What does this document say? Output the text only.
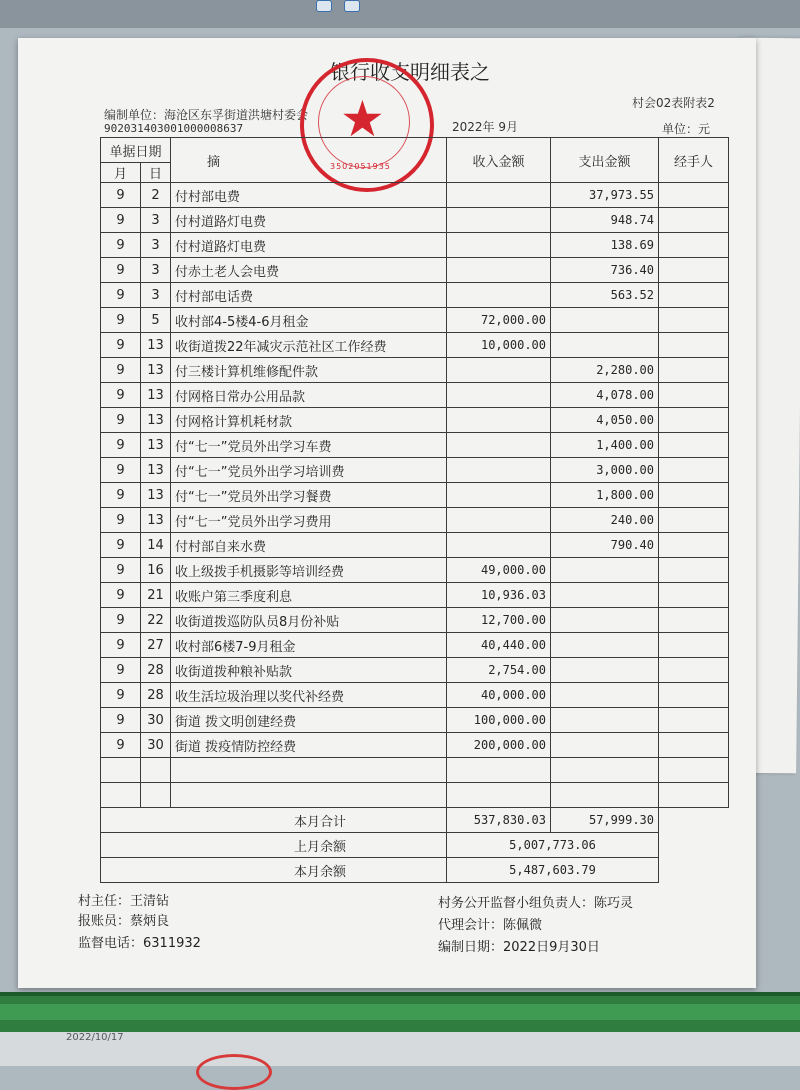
银行收支明细表之
村会02表附表2
编制单位：海沧区东孚街道洪塘村委会
902031403001000008637	2022年 9月	单位：元
★
3502051935
单据日期		摘	收入金额	支出金额	经手人
月	日				
9	2	付村部电费		37,973.55	
9	3	付村道路灯电费		948.74	
9	3	付村道路灯电费		138.69	
9	3	付赤土老人会电费		736.40	
9	3	付村部电话费		563.52	
9	5	收村部4-5楼4-6月租金	72,000.00		
9	13	收街道拨22年减灾示范社区工作经费	10,000.00		
9	13	付三楼计算机维修配件款		2,280.00	
9	13	付网格日常办公用品款		4,078.00	
9	13	付网格计算机耗材款		4,050.00	
9	13	付“七一”党员外出学习车费		1,400.00	
9	13	付“七一”党员外出学习培训费		3,000.00	
9	13	付“七一”党员外出学习餐费		1,800.00	
9	13	付“七一”党员外出学习费用		240.00	
9	14	付村部自来水费		790.40	
9	16	收上级拨手机摄影等培训经费	49,000.00		
9	21	收账户第三季度利息	10,936.03		
9	22	收街道拨巡防队员8月份补贴	12,700.00		
9	27	收村部6楼7-9月租金	40,440.00		
9	28	收街道拨种粮补贴款	2,754.00		
9	28	收生活垃圾治理以奖代补经费	40,000.00		
9	30	街道 拨文明创建经费	100,000.00		
9	30	街道 拨疫情防控经费	200,000.00		

本月合计			537,830.03	57,999.30	
上月余额			5,007,773.06		
本月余额			5,487,603.79		
村主任：王清钻
报账员：蔡炳良
监督电话：6311932
村务公开监督小组负责人：陈巧灵
代理会计：陈佩微
编制日期：2022日9月30日
2022/10/17
